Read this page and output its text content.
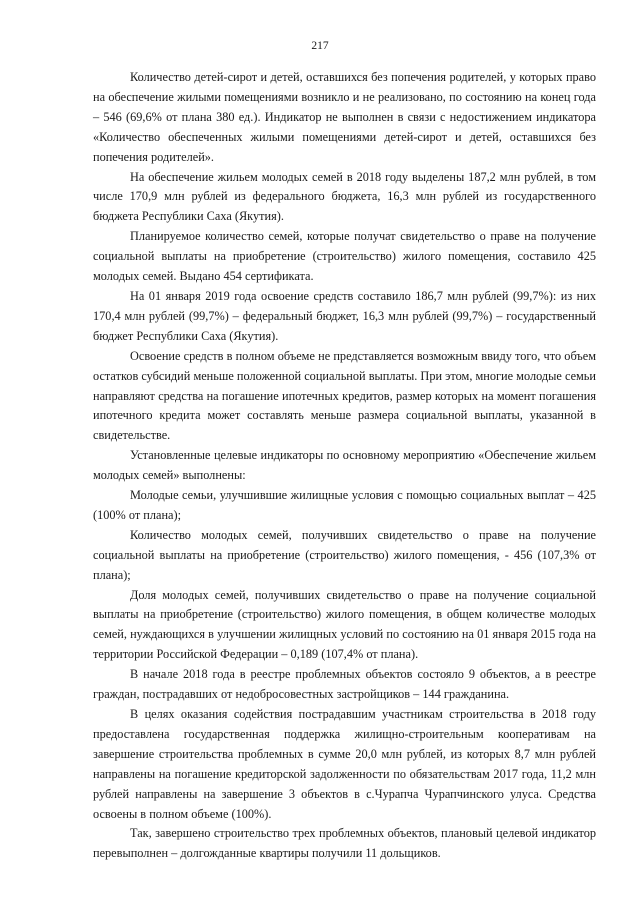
217

Количество детей-сирот и детей, оставшихся без попечения родителей, у которых право на обеспечение жилыми помещениями возникло и не реализовано, по состоянию на конец года – 546 (69,6% от плана 380 ед.). Индикатор не выполнен в связи с недостижением индикатора «Количество обеспеченных жилыми помещениями детей-сирот и детей, оставшихся без попечения родителей».

На обеспечение жильем молодых семей в 2018 году выделены 187,2 млн рублей, в том числе 170,9 млн рублей из федерального бюджета, 16,3 млн рублей из государственного бюджета Республики Саха (Якутия).

Планируемое количество семей, которые получат свидетельство о праве на получение социальной выплаты на приобретение (строительство) жилого помещения, составило 425 молодых семей. Выдано 454 сертификата.

На 01 января 2019 года освоение средств составило 186,7 млн рублей (99,7%): из них 170,4 млн рублей (99,7%) – федеральный бюджет, 16,3 млн рублей (99,7%) – государственный бюджет Республики Саха (Якутия).

Освоение средств в полном объеме не представляется возможным ввиду того, что объем остатков субсидий меньше положенной социальной выплаты. При этом, многие молодые семьи направляют средства на погашение ипотечных кредитов, размер которых на момент погашения ипотечного кредита может составлять меньше размера социальной выплаты, указанной в свидетельстве.

Установленные целевые индикаторы по основному мероприятию «Обеспечение жильем молодых семей» выполнены:

Молодые семьи, улучшившие жилищные условия с помощью социальных выплат – 425 (100% от плана);

Количество молодых семей, получивших свидетельство о праве на получение социальной выплаты на приобретение (строительство) жилого помещения, - 456 (107,3% от плана);

Доля молодых семей, получивших свидетельство о праве на получение социальной выплаты на приобретение (строительство) жилого помещения, в общем количестве молодых семей, нуждающихся в улучшении жилищных условий по состоянию на 01 января 2015 года на территории Российской Федерации – 0,189 (107,4% от плана).

В начале 2018 года в реестре проблемных объектов состояло 9 объектов, а в реестре граждан, пострадавших от недобросовестных застройщиков – 144 гражданина.

В целях оказания содействия пострадавшим участникам строительства в 2018 году предоставлена государственная поддержка жилищно-строительным кооперативам на завершение строительства проблемных в сумме 20,0 млн рублей, из которых 8,7 млн рублей направлены на погашение кредиторской задолженности по обязательствам 2017 года, 11,2 млн рублей направлены на завершение 3 объектов в с.Чурапча Чурапчинского улуса. Средства освоены в полном объеме (100%).

Так, завершено строительство трех проблемных объектов, плановый целевой индикатор перевыполнен – долгожданные квартиры получили 11 дольщиков.
